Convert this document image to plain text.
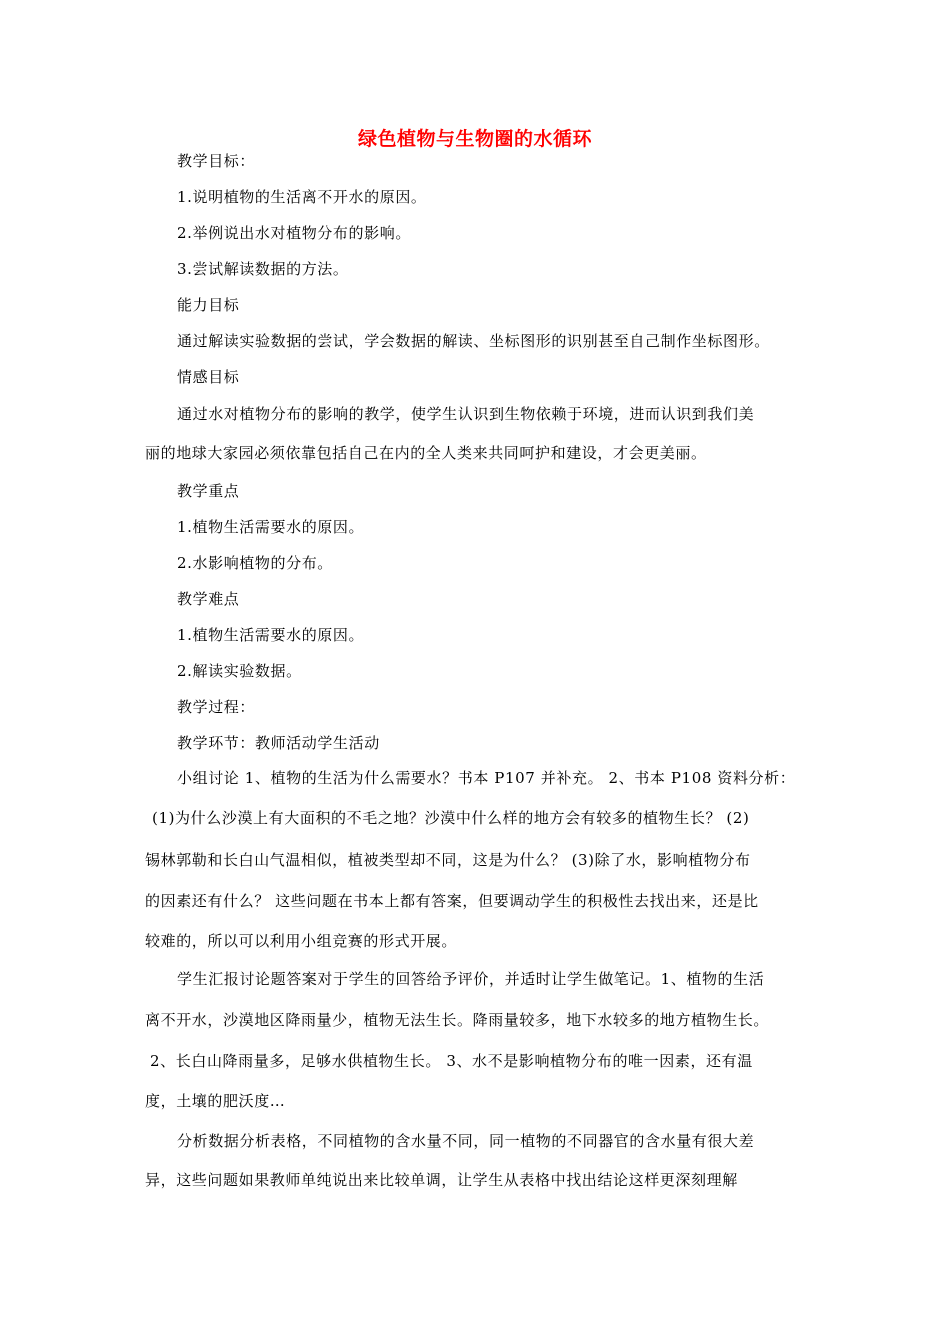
绿色植物与生物圈的水循环
教学目标：
1.说明植物的生活离不开水的原因。
2.举例说出水对植物分布的影响。
3.尝试解读数据的方法。
能力目标
通过解读实验数据的尝试，学会数据的解读、坐标图形的识别甚至自己制作坐标图形。
情感目标
通过水对植物分布的影响的教学，使学生认识到生物依赖于环境，进而认识到我们美
丽的地球大家园必须依靠包括自己在内的全人类来共同呵护和建设，才会更美丽。
教学重点
1.植物生活需要水的原因。
2.水影响植物的分布。
教学难点
1.植物生活需要水的原因。
2.解读实验数据。
教学过程：
教学环节：教师活动学生活动
小组讨论 1、植物的生活为什么需要水？书本 P107 并补充。 2、书本 P108 资料分析：
(1)为什么沙漠上有大面积的不毛之地？沙漠中什么样的地方会有较多的植物生长？ (2)
锡林郭勒和长白山气温相似，植被类型却不同，这是为什么？ (3)除了水，影响植物分布
的因素还有什么？ 这些问题在书本上都有答案，但要调动学生的积极性去找出来，还是比
较难的，所以可以利用小组竞赛的形式开展。
学生汇报讨论题答案对于学生的回答给予评价，并适时让学生做笔记。1、植物的生活
离不开水，沙漠地区降雨量少，植物无法生长。降雨量较多，地下水较多的地方植物生长。
2、长白山降雨量多，足够水供植物生长。 3、水不是影响植物分布的唯一因素，还有温
度，土壤的肥沃度…
分析数据分析表格，不同植物的含水量不同，同一植物的不同器官的含水量有很大差
异，这些问题如果教师单纯说出来比较单调，让学生从表格中找出结论这样更深刻理解
